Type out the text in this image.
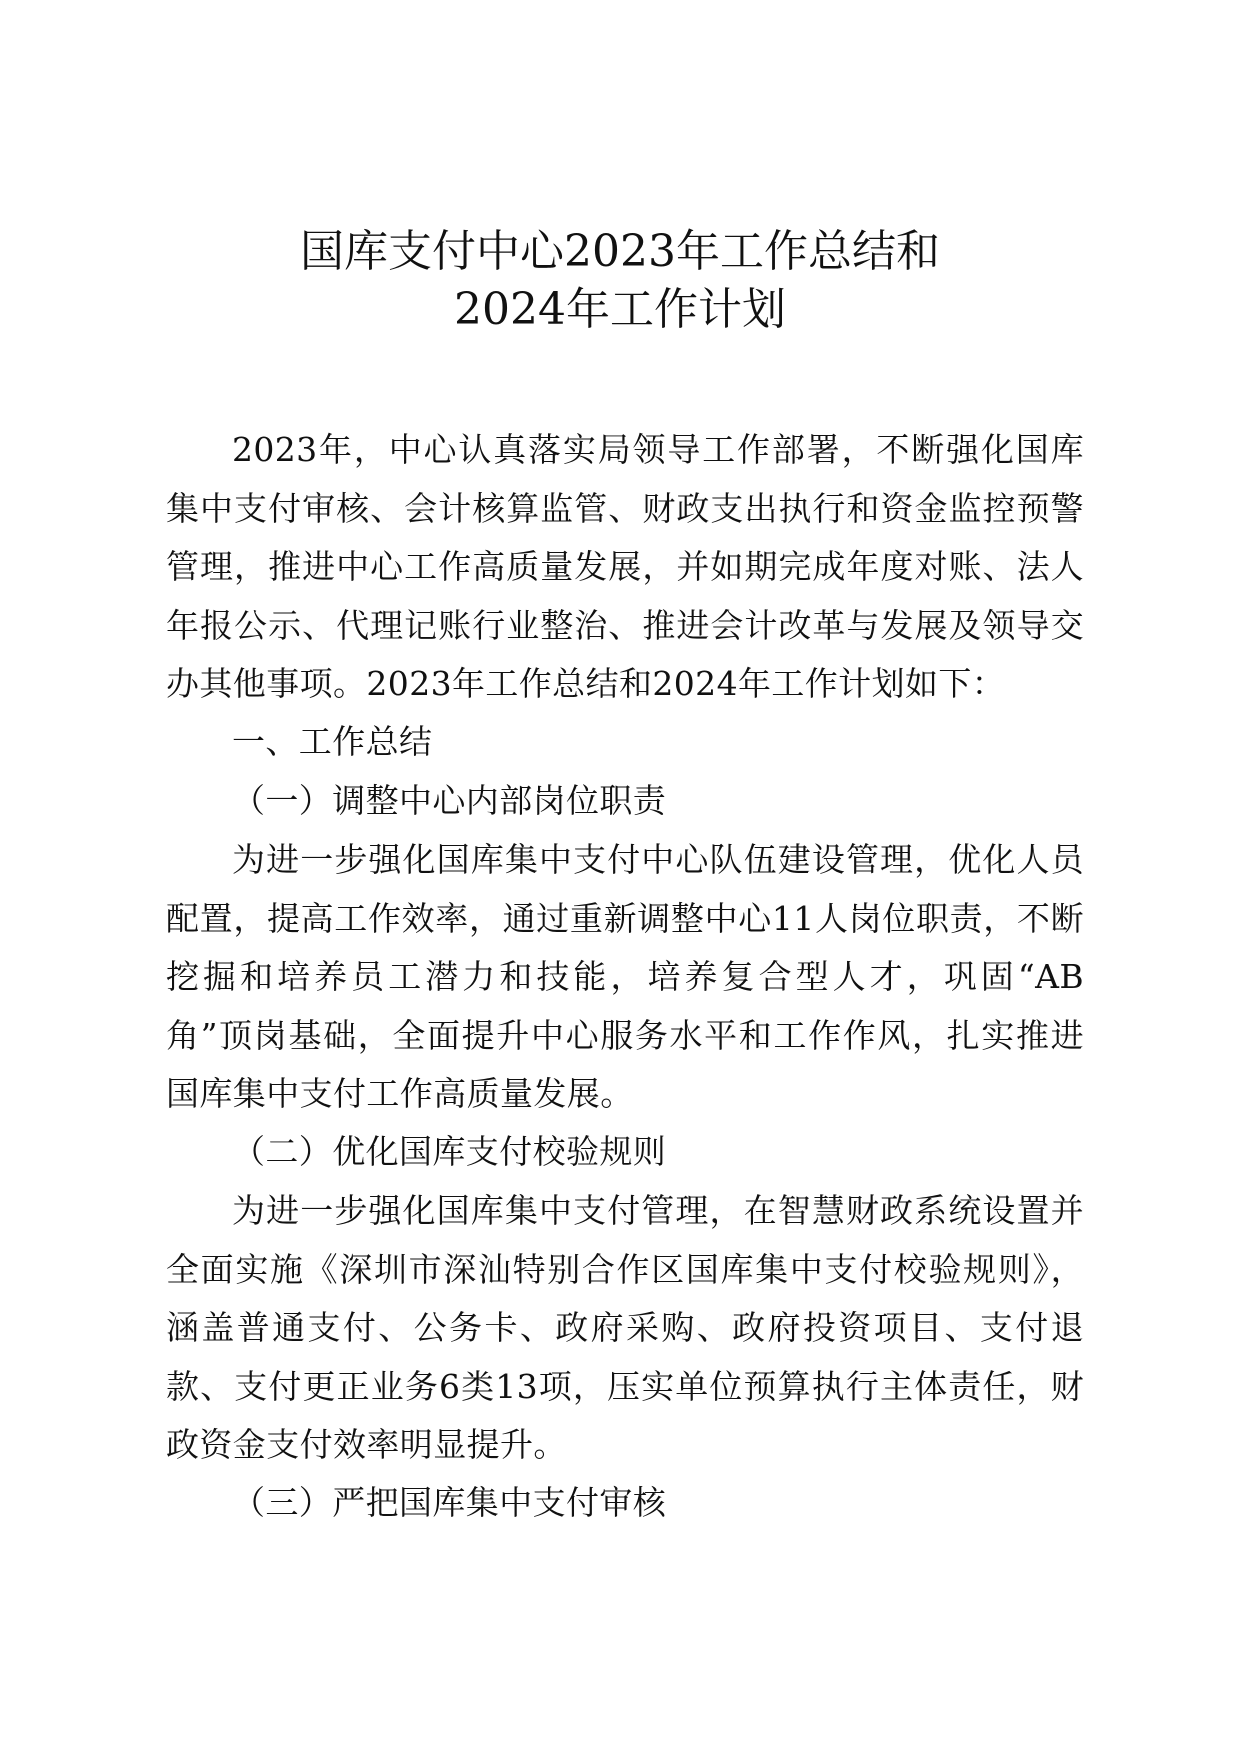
国库支付中心2023年工作总结和
2024年工作计划
2023年，中心认真落实局领导工作部署，不断强化国库集中支付审核、会计核算监管、财政支出执行和资金监控预警管理，推进中心工作高质量发展，并如期完成年度对账、法人年报公示、代理记账行业整治、推进会计改革与发展及领导交办其他事项。2023年工作总结和2024年工作计划如下：
一、工作总结
（一）调整中心内部岗位职责
为进一步强化国库集中支付中心队伍建设管理，优化人员配置，提高工作效率，通过重新调整中心11人岗位职责，不断挖掘和培养员工潜力和技能，培养复合型人才，巩固“AB角”顶岗基础，全面提升中心服务水平和工作作风，扎实推进国库集中支付工作高质量发展。
（二）优化国库支付校验规则
为进一步强化国库集中支付管理，在智慧财政系统设置并全面实施《深圳市深汕特别合作区国库集中支付校验规则》，涵盖普通支付、公务卡、政府采购、政府投资项目、支付退款、支付更正业务6类13项，压实单位预算执行主体责任，财政资金支付效率明显提升。
（三）严把国库集中支付审核
